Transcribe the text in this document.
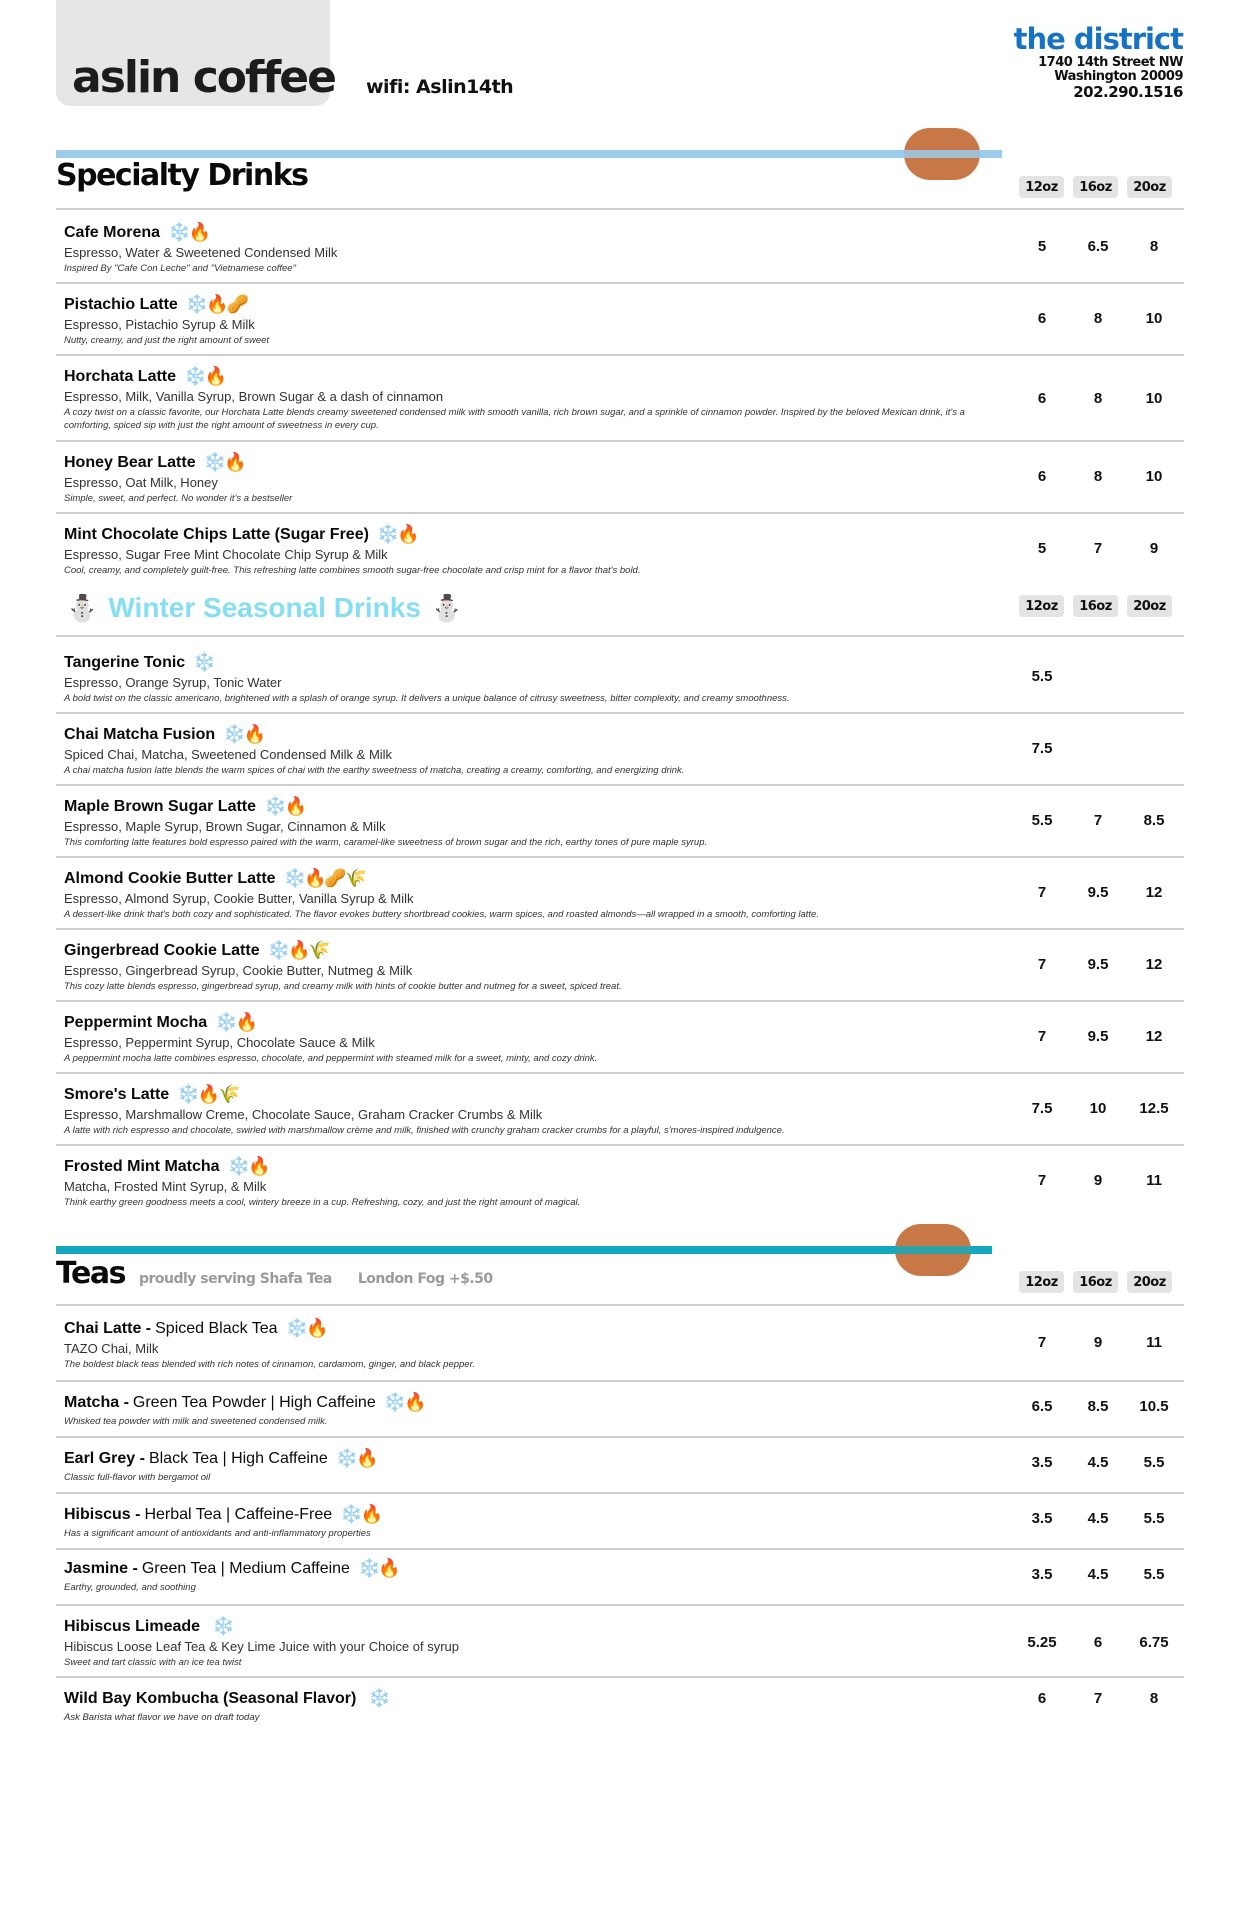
aslin coffee wifi: Aslin14th
the district
1740 14th Street NW
Washington 20009
202.290.1516
Specialty Drinks	12oz	16oz	20oz
Cafe Morena ❄️🔥
Espresso, Water & Sweetened Condensed Milk
Inspired By "Cafe Con Leche" and "Vietnamese coffee"
5	6.5	8
Pistachio Latte ❄️🔥🥜
Espresso, Pistachio Syrup & Milk
Nutty, creamy, and just the right amount of sweet
6	8	10
Horchata Latte ❄️🔥
Espresso, Milk, Vanilla Syrup, Brown Sugar & a dash of cinnamon
A cozy twist on a classic favorite, our Horchata Latte blends creamy sweetened condensed milk with smooth vanilla, rich brown sugar, and a sprinkle of cinnamon powder. Inspired by the beloved Mexican drink, it's a comforting, spiced sip with just the right amount of sweetness in every cup.
6	8	10
Honey Bear Latte ❄️🔥
Espresso, Oat Milk, Honey
Simple, sweet, and perfect. No wonder it's a bestseller
6	8	10
Mint Chocolate Chips Latte (Sugar Free) ❄️🔥
Espresso, Sugar Free Mint Chocolate Chip Syrup & Milk
Cool, creamy, and completely guilt-free. This refreshing latte combines smooth sugar-free chocolate and crisp mint for a flavor that's bold.
5	7	9
⛄ Winter Seasonal Drinks ⛄	12oz	16oz	20oz
Tangerine Tonic ❄️
Espresso, Orange Syrup, Tonic Water
A bold twist on the classic americano, brightened with a splash of orange syrup. It delivers a unique balance of citrusy sweetness, bitter complexity, and creamy smoothness.
5.5
Chai Matcha Fusion ❄️🔥
Spiced Chai, Matcha, Sweetened Condensed Milk & Milk
A chai matcha fusion latte blends the warm spices of chai with the earthy sweetness of matcha, creating a creamy, comforting, and energizing drink.
7.5
Maple Brown Sugar Latte ❄️🔥
Espresso, Maple Syrup, Brown Sugar, Cinnamon & Milk
This comforting latte features bold espresso paired with the warm, caramel-like sweetness of brown sugar and the rich, earthy tones of pure maple syrup.
5.5	7	8.5
Almond Cookie Butter Latte ❄️🔥🥜🌾
Espresso, Almond Syrup, Cookie Butter, Vanilla Syrup & Milk
A dessert-like drink that's both cozy and sophisticated. The flavor evokes buttery shortbread cookies, warm spices, and roasted almonds—all wrapped in a smooth, comforting latte.
7	9.5	12
Gingerbread Cookie Latte ❄️🔥🌾
Espresso, Gingerbread Syrup, Cookie Butter, Nutmeg & Milk
This cozy latte blends espresso, gingerbread syrup, and creamy milk with hints of cookie butter and nutmeg for a sweet, spiced treat.
7	9.5	12
Peppermint Mocha ❄️🔥
Espresso, Peppermint Syrup, Chocolate Sauce & Milk
A peppermint mocha latte combines espresso, chocolate, and peppermint with steamed milk for a sweet, minty, and cozy drink.
7	9.5	12
Smore's Latte ❄️🔥🌾
Espresso, Marshmallow Creme, Chocolate Sauce, Graham Cracker Crumbs & Milk
A latte with rich espresso and chocolate, swirled with marshmallow crème and milk, finished with crunchy graham cracker crumbs for a playful, s'mores-inspired indulgence.
7.5	10	12.5
Frosted Mint Matcha ❄️🔥
Matcha, Frosted Mint Syrup, & Milk
Think earthy green goodness meets a cool, wintery breeze in a cup. Refreshing, cozy, and just the right amount of magical.
7	9	11
Teas proudly serving Shafa Tea London Fog +$.50	12oz	16oz	20oz
Chai Latte - Spiced Black Tea ❄️🔥
TAZO Chai, Milk
The boldest black teas blended with rich notes of cinnamon, cardamom, ginger, and black pepper.
7	9	11
Matcha - Green Tea Powder | High Caffeine ❄️🔥
Whisked tea powder with milk and sweetened condensed milk.
6.5	8.5	10.5
Earl Grey - Black Tea | High Caffeine ❄️🔥
Classic full-flavor with bergamot oil
3.5	4.5	5.5
Hibiscus - Herbal Tea | Caffeine-Free ❄️🔥
Has a significant amount of antioxidants and anti-inflammatory properties
3.5	4.5	5.5
Jasmine - Green Tea | Medium Caffeine ❄️🔥
Earthy, grounded, and soothing
3.5	4.5	5.5
Hibiscus Limeade ❄️
Hibiscus Loose Leaf Tea & Key Lime Juice with your Choice of syrup
Sweet and tart classic with an ice tea twist
5.25	6	6.75
Wild Bay Kombucha (Seasonal Flavor) ❄️
Ask Barista what flavor we have on draft today
6	7	8
